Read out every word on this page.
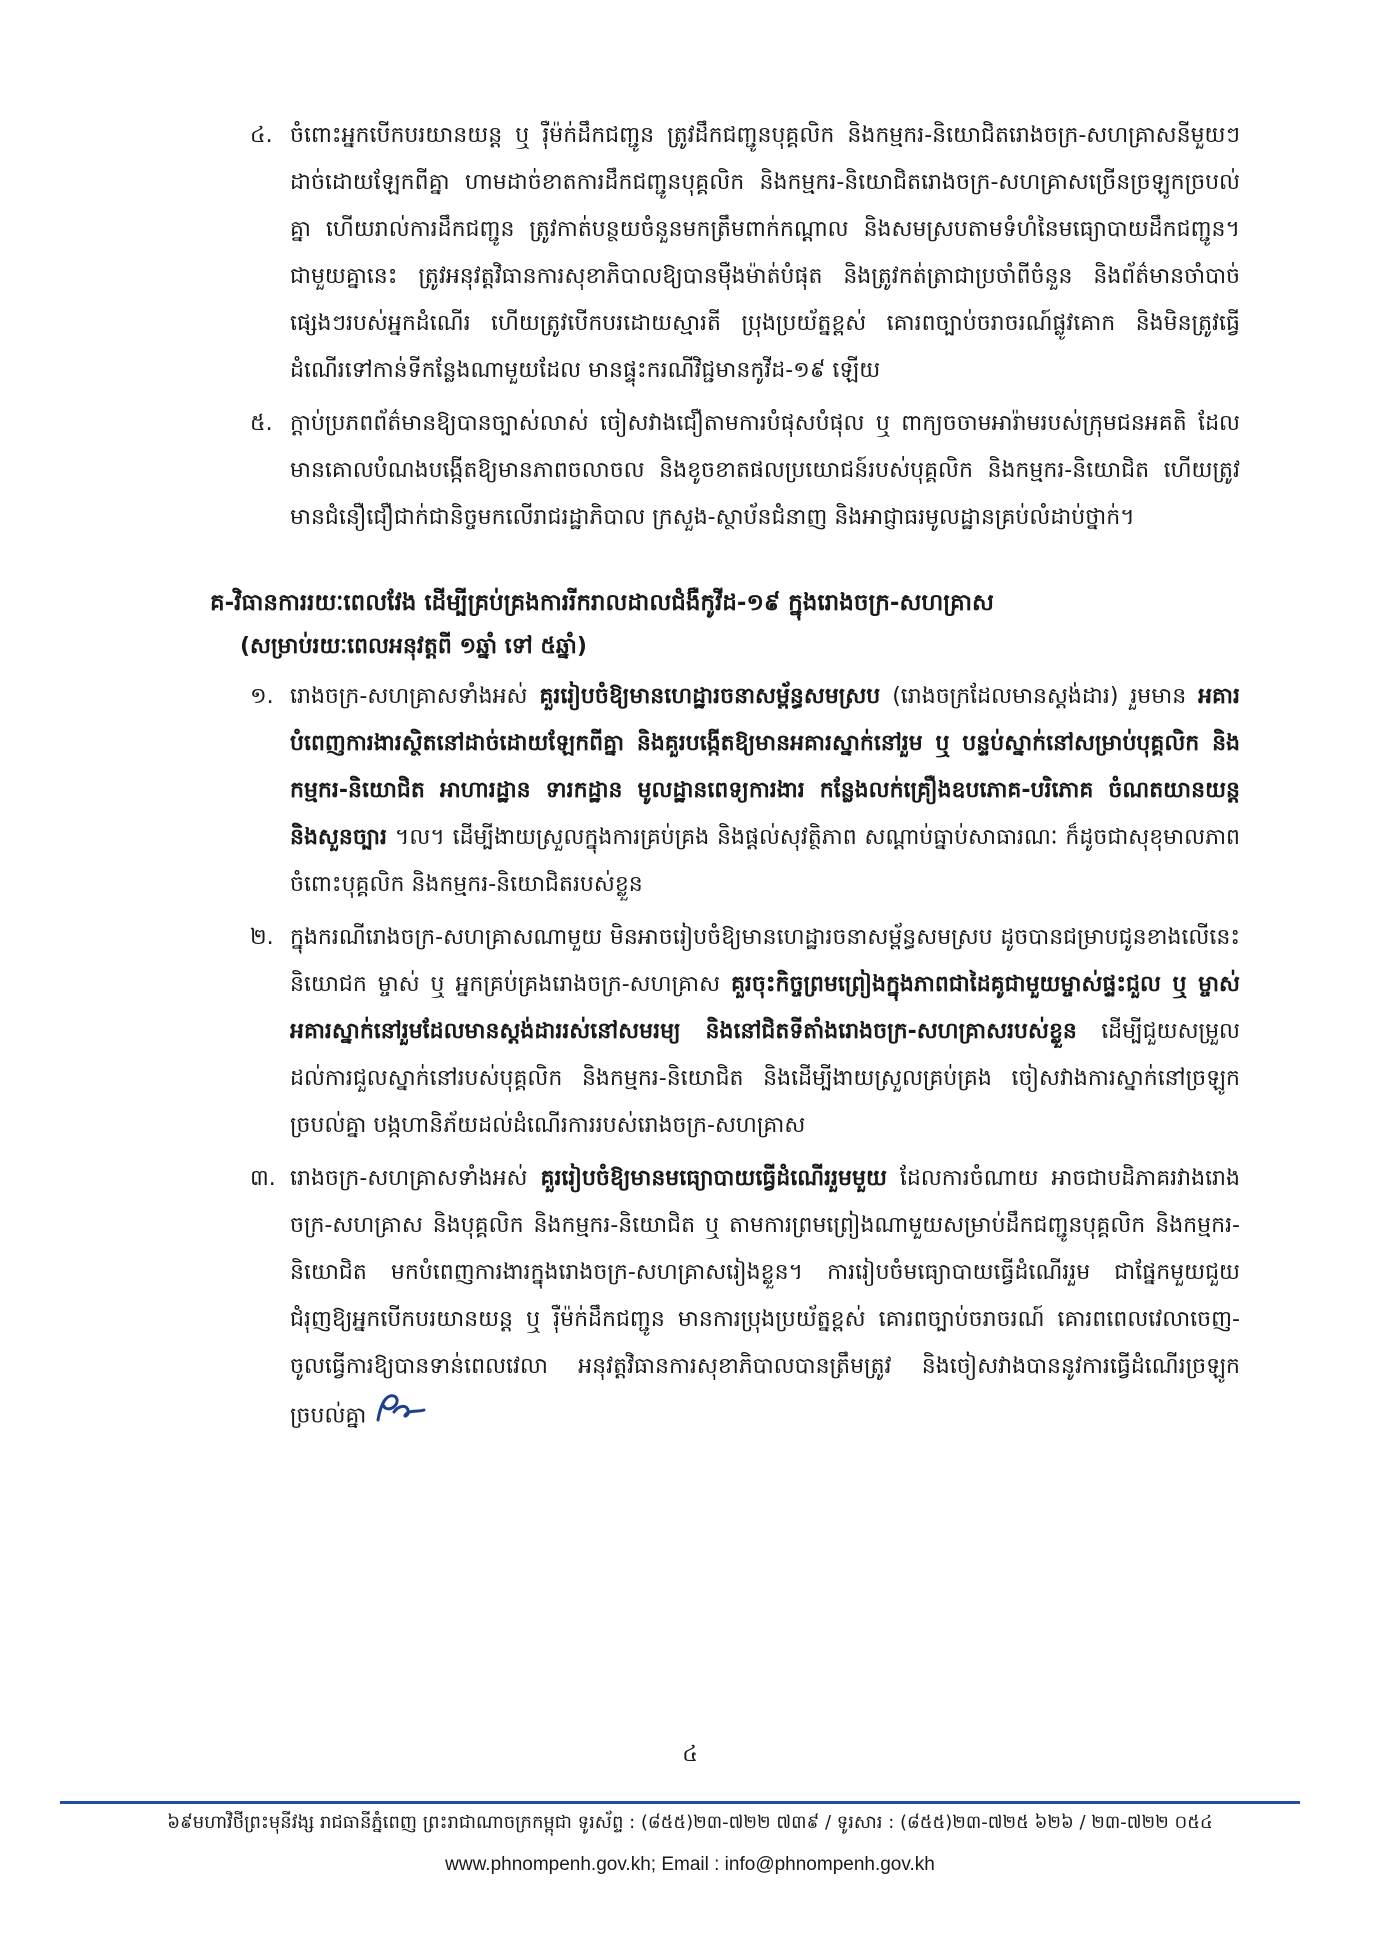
៤. ចំពោះអ្នកបើកបរយានយន្ត ឬ រ៉ឺម៉ក់ដឹកជញ្ជូន ត្រូវដឹកជញ្ជូនបុគ្គលិក និងកម្មករ-និយោជិតរោងចក្រ-សហគ្រាសនីមួយៗដាច់ដោយឡែកពីគ្នា ហាមដាច់ខាតការដឹកជញ្ជូនបុគ្គលិក និងកម្មករ-និយោជិតរោងចក្រ-សហគ្រាសច្រើនច្រឡូកច្របល់គ្នា ហើយរាល់ការដឹកជញ្ជូន ត្រូវកាត់បន្ថយចំនួនមកត្រឹមពាក់កណ្តាល និងសមស្របតាមទំហំនៃមធ្យោបាយដឹកជញ្ជូន។ ជាមួយគ្នានេះ ត្រូវអនុវត្តវិធានការសុខាភិបាលឱ្យបានម៉ឺងម៉ាត់បំផុត និងត្រូវកត់ត្រាជាប្រចាំពីចំនួន និងព័ត៌មានចាំបាច់ផ្សេងៗរបស់អ្នកដំណើរ ហើយត្រូវបើកបរដោយស្មារតី ប្រុងប្រយ័ត្នខ្ពស់ គោរពច្បាប់ចរាចរណ៍ផ្លូវគោក និងមិនត្រូវធ្វើដំណើរទៅកាន់ទីកន្លែងណាមួយដែល មានផ្ទុះករណីវិជ្ជមានកូវីដ-១៩ ឡើយ
៥. ក្តាប់ប្រភពព័ត៌មានឱ្យបានច្បាស់លាស់ ចៀសវាងជឿតាមការបំផុសបំផុល ឬ ពាក្យចចាមអារ៉ាមរបស់ក្រុមជនអគតិ ដែលមានគោលបំណងបង្កើតឱ្យមានភាពចលាចល និងខូចខាតផលប្រយោជន៍របស់បុគ្គលិក និងកម្មករ-និយោជិត ហើយត្រូវមានជំនឿជឿជាក់ជានិច្ចមកលើរាជរដ្ឋាភិបាល ក្រសួង-ស្ថាប័នជំនាញ និងអាជ្ញាធរមូលដ្ឋានគ្រប់លំដាប់ថ្នាក់។
គ-វិធានការរយៈពេលវែង ដើម្បីគ្រប់គ្រងការរីករាលដាលជំងឺកូវីដ-១៩ ក្នុងរោងចក្រ-សហគ្រាស
(សម្រាប់រយៈពេលអនុវត្តពី ១ឆ្នាំ ទៅ ៥ឆ្នាំ)
១. រោងចក្រ-សហគ្រាសទាំងអស់ គួររៀបចំឱ្យមានហេដ្ឋារចនាសម្ព័ន្ធសមស្រប (រោងចក្រដែលមានស្តង់ដារ) រួមមាន អគារបំពេញការងារស្ថិតនៅដាច់ដោយឡែកពីគ្នា និងគួរបង្កើតឱ្យមានអគារស្នាក់នៅរួម ឬ បន្ទប់ស្នាក់នៅសម្រាប់បុគ្គលិក និងកម្មករ-និយោជិត អាហារដ្ឋាន ទារកដ្ឋាន មូលដ្ឋានពេទ្យការងារ កន្លែងលក់គ្រឿងឧបភោគ-បរិភោគ ចំណតយានយន្ត និងសួនច្បារ ។ល។ ដើម្បីងាយស្រួលក្នុងការគ្រប់គ្រង និងផ្តល់សុវត្ថិភាព សណ្តាប់ធ្នាប់សាធារណៈ ក៏ដូចជាសុខុមាលភាពចំពោះបុគ្គលិក និងកម្មករ-និយោជិតរបស់ខ្លួន
២. ក្នុងករណីរោងចក្រ-សហគ្រាសណាមួយ មិនអាចរៀបចំឱ្យមានហេដ្ឋារចនាសម្ព័ន្ធសមស្រប ដូចបានជម្រាបជូនខាងលើនេះ និយោជក ម្ចាស់ ឬ អ្នកគ្រប់គ្រងរោងចក្រ-សហគ្រាស គួរចុះកិច្ចព្រមព្រៀងក្នុងភាពជាដៃគូជាមួយម្ចាស់ផ្ទះជួល ឬ ម្ចាស់អគារស្នាក់នៅរួមដែលមានស្តង់ដាររស់នៅសមរម្យ និងនៅជិតទីតាំងរោងចក្រ-សហគ្រាសរបស់ខ្លួន ដើម្បីជួយសម្រួលដល់ការជួលស្នាក់នៅរបស់បុគ្គលិក និងកម្មករ-និយោជិត និងដើម្បីងាយស្រួលគ្រប់គ្រង ចៀសវាងការស្នាក់នៅច្រឡូកច្របល់គ្នា បង្កហានិភ័យដល់ដំណើរការរបស់រោងចក្រ-សហគ្រាស
៣. រោងចក្រ-សហគ្រាសទាំងអស់ គួររៀបចំឱ្យមានមធ្យោបាយធ្វើដំណើររួមមួយ ដែលការចំណាយ អាចជាបដិភាគរវាងរោងចក្រ-សហគ្រាស និងបុគ្គលិក និងកម្មករ-និយោជិត ឬ តាមការព្រមព្រៀងណាមួយសម្រាប់ដឹកជញ្ជូនបុគ្គលិក និងកម្មករ-និយោជិត មកបំពេញការងារក្នុងរោងចក្រ-សហគ្រាសរៀងខ្លួន។ ការរៀបចំមធ្យោបាយធ្វើដំណើររួម ជាផ្នែកមួយជួយជំរុញឱ្យអ្នកបើកបរយានយន្ត ឬ រ៉ឺម៉ក់ដឹកជញ្ជូន មានការប្រុងប្រយ័ត្នខ្ពស់ គោរពច្បាប់ចរាចរណ៍ គោរពពេលវេលាចេញ-ចូលធ្វើការឱ្យបានទាន់ពេលវេលា អនុវត្តវិធានការសុខាភិបាលបានត្រឹមត្រូវ និងចៀសវាងបាននូវការធ្វើដំណើរច្រឡូកច្របល់គ្នា
៤
៦៩មហាវិថីព្រះមុនីវង្ស រាជធានីភ្នំពេញ ព្រះរាជាណាចក្រកម្ពុជា ទូរស័ព្ទ : (៨៥៥)២៣-៧២២ ៧៣៩ / ទូរសារ : (៨៥៥)២៣-៧២៥ ៦២៦ / ២៣-៧២២ ០៥៤
www.phnompenh.gov.kh; Email : info@phnompenh.gov.kh
